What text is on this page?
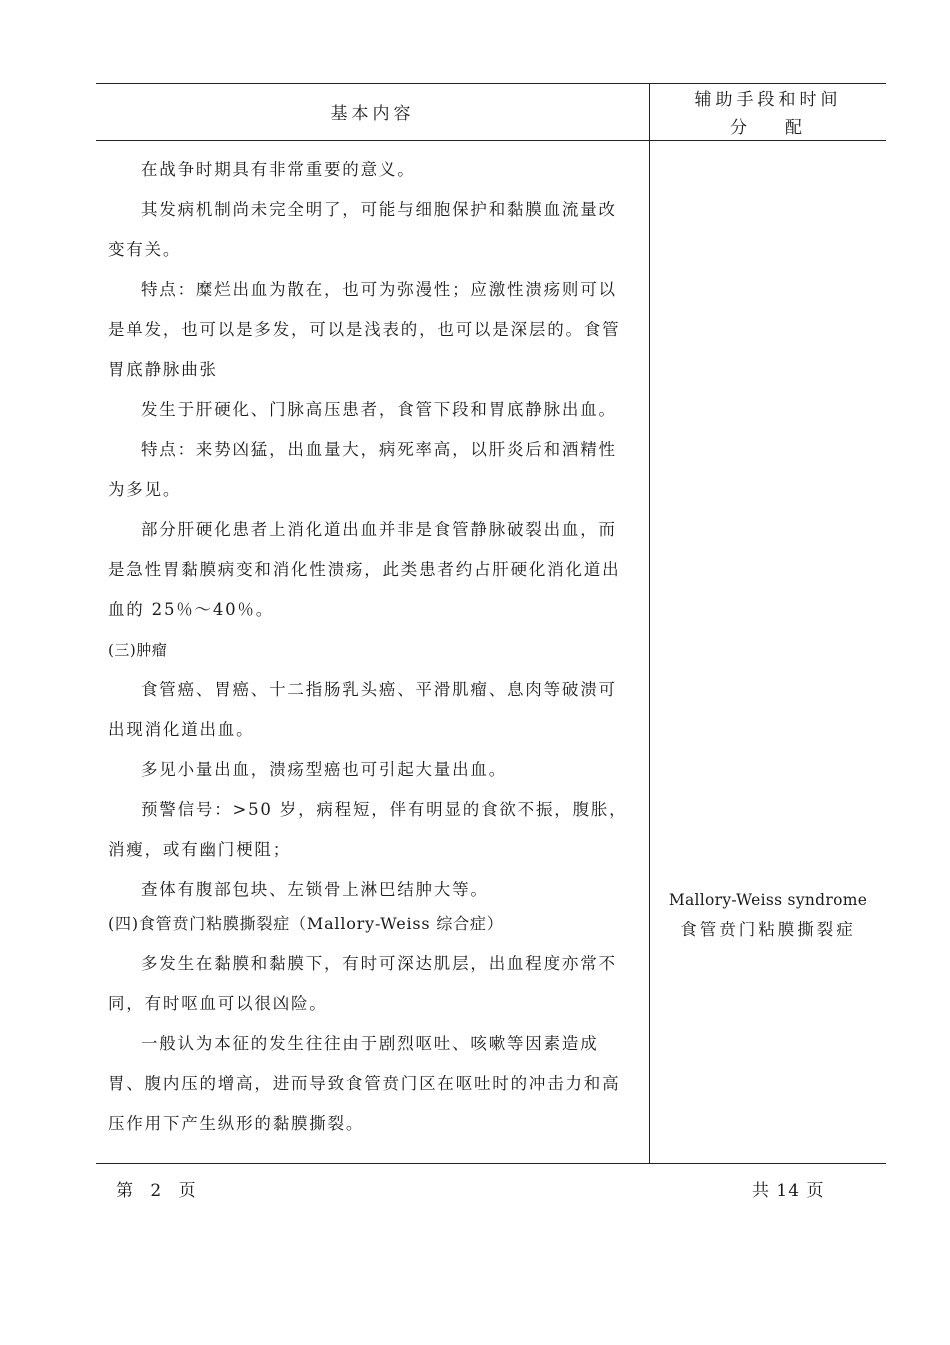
基本内容
辅助手段和时间
分 配

在战争时期具有非常重要的意义。

其发病机制尚未完全明了，可能与细胞保护和黏膜血流量改

变有关。

特点：糜烂出血为散在，也可为弥漫性；应激性溃疡则可以

是单发，也可以是多发，可以是浅表的，也可以是深层的。食管
胃底静脉曲张

发生于肝硬化、门脉高压患者，食管下段和胃底静脉出血。

特点：来势凶猛，出血量大，病死率高，以肝炎后和酒精性

为多见。

部分肝硬化患者上消化道出血并非是食管静脉破裂出血，而

是急性胃黏膜病变和消化性溃疡，此类患者约占肝硬化消化道出
血的 25％～40％。

(三)肿瘤

食管癌、胃癌、十二指肠乳头癌、平滑肌瘤、息肉等破溃可

出现消化道出血。

多见小量出血，溃疡型癌也可引起大量出血。

预警信号：>50 岁，病程短，伴有明显的食欲不振，腹胀，

消瘦，或有幽门梗阻；

查体有腹部包块、左锁骨上淋巴结肿大等。

(四)食管贲门粘膜撕裂症（Mallory-Weiss 综合症）

多发生在黏膜和黏膜下，有时可深达肌层，出血程度亦常不

同，有时呕血可以很凶险。

一般认为本征的发生往往由于剧烈呕吐、咳嗽等因素造成

胃、腹内压的增高，进而导致食管贲门区在呕吐时的冲击力和高
压作用下产生纵形的黏膜撕裂。

Mallory-Weiss syndrome
食管贲门粘膜撕裂症
第 2 页	共 14 页
